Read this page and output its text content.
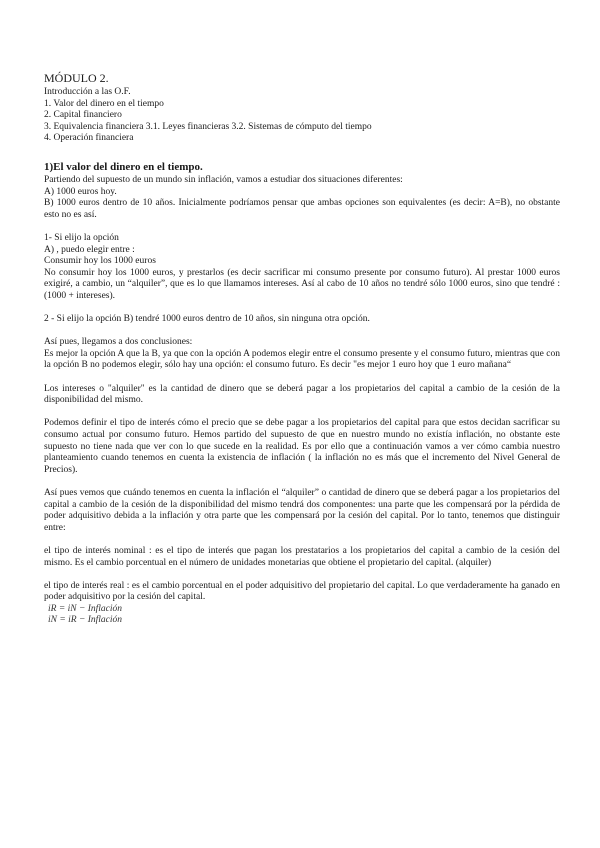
MÓDULO 2.
Introducción a las O.F.
1. Valor del dinero en el tiempo
2. Capital financiero
3. Equivalencia financiera 3.1. Leyes financieras 3.2. Sistemas de cómputo del tiempo
4. Operación financiera
1)El valor del dinero en el tiempo.

Partiendo del supuesto de un mundo sin inflación, vamos a estudiar dos situaciones diferentes:

A) 1000 euros hoy.

B) 1000 euros dentro de 10 años. Inicialmente podríamos pensar que ambas opciones son equivalentes (es decir: A=B), no obstante esto no es así.

1- Si elijo la opción

A) , puedo elegir entre :

Consumir hoy los 1000 euros

No consumir hoy los 1000 euros, y prestarlos (es decir sacrificar mi consumo presente por consumo futuro). Al prestar 1000 euros exigiré, a cambio, un “alquiler”, que es lo que llamamos intereses. Así al cabo de 10 años no tendré sólo 1000 euros, sino que tendré : (1000 + intereses).

2 - Si elijo la opción B) tendré 1000 euros dentro de 10 años, sin ninguna otra opción.

Así pues, llegamos a dos conclusiones:

Es mejor la opción A que la B, ya que con la opción A podemos elegir entre el consumo presente y el consumo futuro, mientras que con la opción B no podemos elegir, sólo hay una opción: el consumo futuro. Es decir "es mejor 1 euro hoy que 1 euro mañana“

Los intereses o "alquiler" es la cantidad de dinero que se deberá pagar a los propietarios del capital a cambio de la cesión de la disponibilidad del mismo.

Podemos definir el tipo de interés cómo el precio que se debe pagar a los propietarios del capital para que estos decidan sacrificar su consumo actual por consumo futuro. Hemos partido del supuesto de que en nuestro mundo no existía inflación, no obstante este supuesto no tiene nada que ver con lo que sucede en la realidad. Es por ello que a continuación vamos a ver cómo cambia nuestro planteamiento cuando tenemos en cuenta la existencia de inflación ( la inflación no es más que el incremento del Nivel General de Precios).

Así pues vemos que cuándo tenemos en cuenta la inflación el “alquiler” o cantidad de dinero que se deberá pagar a los propietarios del capital a cambio de la cesión de la disponibilidad del mismo tendrá dos componentes: una parte que les compensará por la pérdida de poder adquisitivo debida a la inflación y otra parte que les compensará por la cesión del capital. Por lo tanto, tenemos que distinguir entre:

el tipo de interés nominal : es el tipo de interés que pagan los prestatarios a los propietarios del capital a cambio de la cesión del mismo. Es el cambio porcentual en el número de unidades monetarias que obtiene el propietario del capital. (alquiler)

el tipo de interés real : es el cambio porcentual en el poder adquisitivo del propietario del capital. Lo que verdaderamente ha ganado en poder adquisitivo por la cesión del capital.

iR = iN − Inflación
iN = iR − Inflación
